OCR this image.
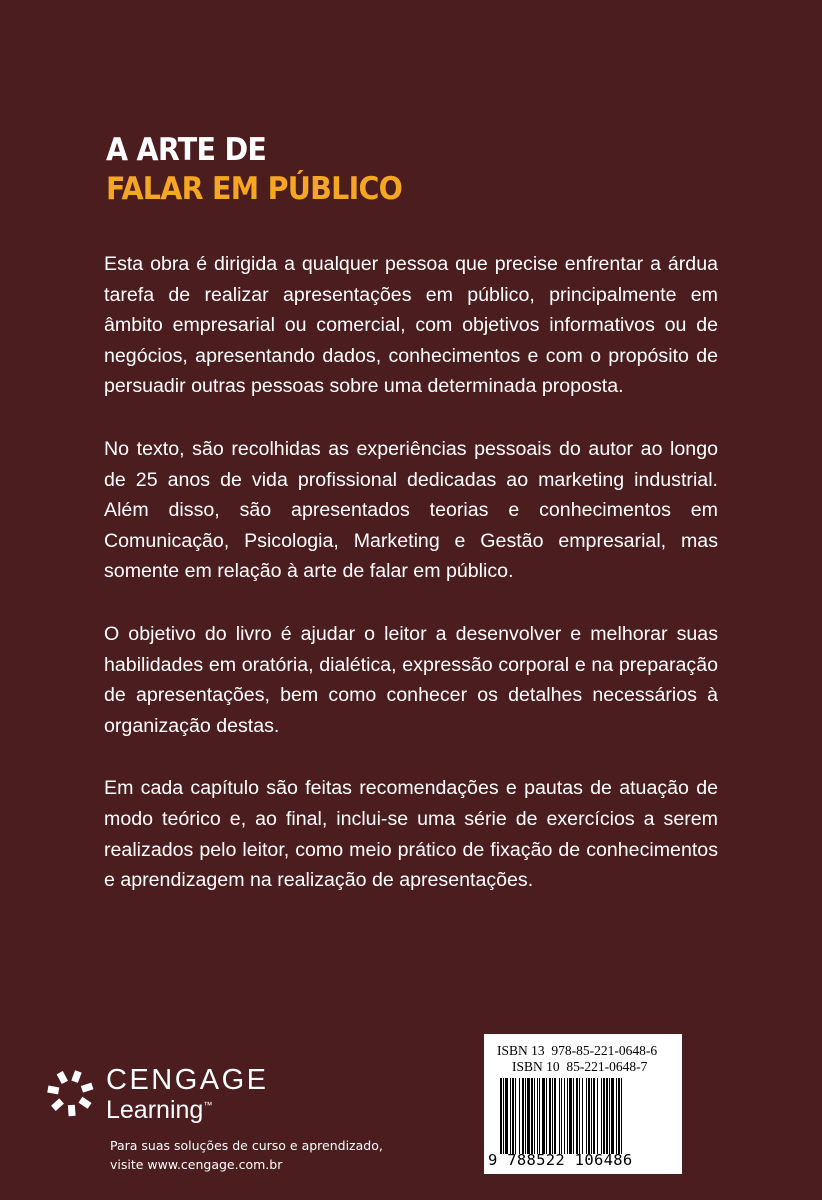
A ARTE DE
FALAR EM PÚBLICO

Esta obra é dirigida a qualquer pessoa que precise enfrentar a árdua tarefa de realizar apresentações em público, principalmente em âmbito empresarial ou comercial, com objetivos informativos ou de negócios, apresentando dados, conhecimentos e com o propósito de persuadir outras pessoas sobre uma determinada proposta.

No texto, são recolhidas as experiências pessoais do autor ao longo de 25 anos de vida profissional dedicadas ao marketing industrial. Além disso, são apresentados teorias e conhecimentos em Comunicação, Psicologia, Marketing e Gestão empresarial, mas somente em relação à arte de falar em público.

O objetivo do livro é ajudar o leitor a desenvolver e melhorar suas habilidades em oratória, dialética, expressão corporal e na preparação de apresentações, bem como conhecer os detalhes necessários à organização destas.

Em cada capítulo são feitas recomendações e pautas de atuação de modo teórico e, ao final, inclui-se uma série de exercícios a serem realizados pelo leitor, como meio prático de fixação de conhecimentos e aprendizagem na realização de apresentações.

CENGAGE
Learning™
Para suas soluções de curso e aprendizado,
visite www.cengage.com.br
ISBN 13  978-85-221-0648-6
ISBN 10  85-221-0648-7
9 788522 106486
